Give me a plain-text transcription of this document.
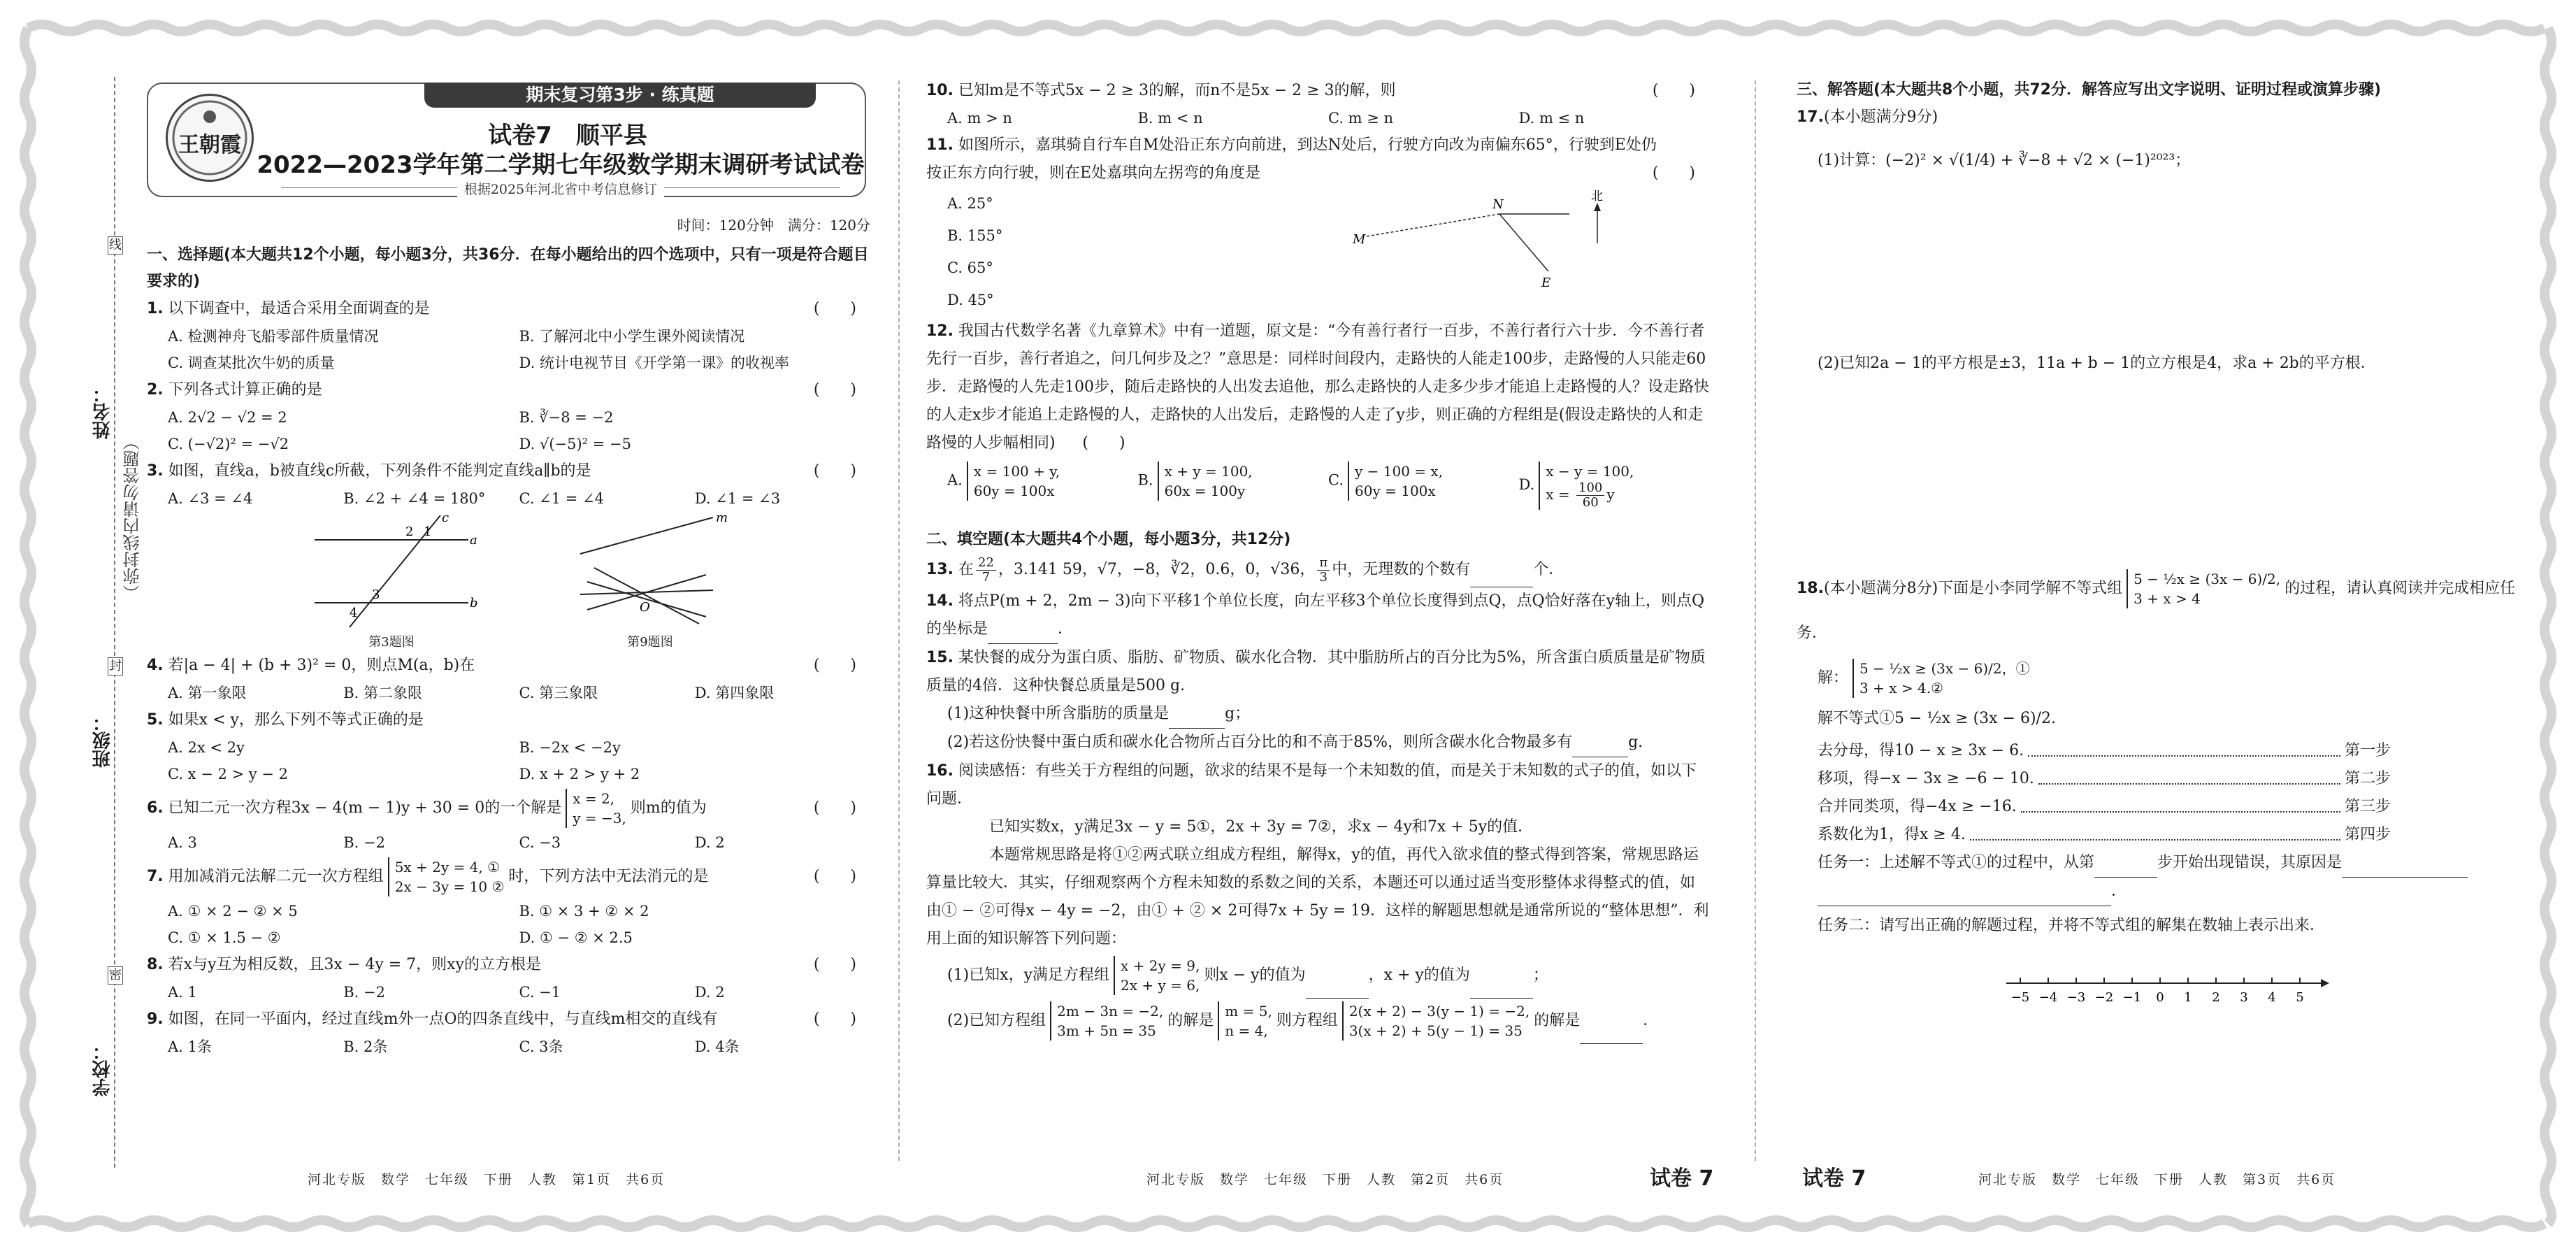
线
封
密
（弥封线内请勿答题）
姓名：
班级：
学校：
期末复习第3步 · 练真题
王朝霞	试卷7　顺平县
2022—2023学年第二学期七年级数学期末调研考试试卷
根据2025年河北省中考信息修订
时间：120分钟　满分：120分
一、选择题(本大题共12个小题，每小题3分，共36分．在每小题给出的四个选项中，只有一项是符合题目要求的)
1. 以下调查中，最适合采用全面调查的是	(　　)
A. 检测神舟飞船零部件质量情况	B. 了解河北中小学生课外阅读情况
C. 调查某批次牛奶的质量	D. 统计电视节目《开学第一课》的收视率
2. 下列各式计算正确的是	(　　)
A. 2√2 − √2 = 2	B. ∛−8 = −2
C. (−√2)² = −√2	D. √(−5)² = −5
3. 如图，直线a，b被直线c所截，下列条件不能判定直线a∥b的是	(　　)
A. ∠3 = ∠4	B. ∠2 + ∠4 = 180°	C. ∠1 = ∠4	D. ∠1 = ∠3
c
a
b
1
2
3
4
第3题图
m
O
第9题图
4. 若|a − 4| + (b + 3)² = 0，则点M(a，b)在	(　　)
A. 第一象限	B. 第二象限	C. 第三象限	D. 第四象限
5. 如果x < y，那么下列不等式正确的是
A. 2x < 2y	B. −2x < −2y
C. x − 2 > y − 2	D. x + 2 > y + 2
6. 已知二元一次方程3x − 4(m − 1)y + 30 = 0的一个解是x = 2,
y = −3,则m的值为	(　　)
A. 3	B. −2	C. −3	D. 2
7. 用加减消元法解二元一次方程组5x + 2y = 4, ①
2x − 3y = 10 ②时，下列方法中无法消元的是	(　　)
A. ① × 2 − ② × 5	B. ① × 3 + ② × 2
C. ① × 1.5 − ②	D. ① − ② × 2.5
8. 若x与y互为相反数，且3x − 4y = 7，则xy的立方根是	(　　)
A. 1	B. −2	C. −1	D. 2
9. 如图，在同一平面内，经过直线m外一点O的四条直线中，与直线m相交的直线有	(　　)
A. 1条	B. 2条	C. 3条	D. 4条
河北专版　数学　七年级　下册　人教　第1页　共6页
10. 已知m是不等式5x − 2 ≥ 3的解，而n不是5x − 2 ≥ 3的解，则	(　　)
A. m > n	B. m < n	C. m ≥ n	D. m ≤ n
11. 如图所示，嘉琪骑自行车自M处沿正东方向前进，到达N处后，行驶方向改为南偏东65°，行驶到E处仍按正东方向行驶，则在E处嘉琪向左拐弯的角度是	(　　)
A. 25°
B. 155°
C. 65°
D. 45°
M
N
E
北
12. 我国古代数学名著《九章算术》中有一道题，原文是：“今有善行者行一百步，不善行者行六十步．今不善行者先行一百步，善行者追之，问几何步及之？”意思是：同样时间段内，走路快的人能走100步，走路慢的人只能走60步．走路慢的人先走100步，随后走路快的人出发去追他，那么走路快的人走多少步才能追上走路慢的人？设走路快的人走x步才能追上走路慢的人，走路快的人出发后，走路慢的人走了y步，则正确的方程组是(假设走路快的人和走路慢的人步幅相同) (　　)
A.x = 100 + y,
60y = 100x
B.x + y = 100,
60x = 100y
C.y − 100 = x,
60y = 100x	D.x − y = 100,
$x = \frac{100}{60}$ y
二、填空题(本大题共4个小题，每小题3分，共12分)
13. 在 $\frac{22}{7}$ ，3.141 59，√7，−8，∛2，0.6，0，√36， $\frac{\pi}{3}$ 中，无理数的个数有	个．
14. 将点P(m + 2，2m − 3)向下平移1个单位长度，向左平移3个单位长度得到点Q，点Q恰好落在y轴上，则点Q的坐标是	．
15. 某快餐的成分为蛋白质、脂肪、矿物质、碳水化合物．其中脂肪所占的百分比为5%，所含蛋白质质量是矿物质质量的4倍．这种快餐总质量是500 g.
(1)这种快餐中所含脂肪的质量是	g；
(2)若这份快餐中蛋白质和碳水化合物所占百分比的和不高于85%，则所含碳水化合物最多有	g.
16. 阅读感悟：有些关于方程组的问题，欲求的结果不是每一个未知数的值，而是关于未知数的式子的值，如以下问题．
已知实数x，y满足3x − y = 5①，2x + 3y = 7②，求x − 4y和7x + 5y的值．
本题常规思路是将①②两式联立组成方程组，解得x，y的值，再代入欲求值的整式得到答案，常规思路运算量比较大．其实，仔细观察两个方程未知数的系数之间的关系，本题还可以通过适当变形整体求得整式的值，如由① − ②可得x − 4y = −2，由① + ② × 2可得7x + 5y = 19．这样的解题思想就是通常所说的“整体思想”．利用上面的知识解答下列问题：
(1)已知x，y满足方程组x + 2y = 9,
2x + y = 6,则x − y的值为	，x + y的值为	；
(2)已知方程组2m − 3n = −2,
3m + 5n = 35的解是m = 5,
n = 4,则方程组2(x + 2) − 3(y − 1) = −2,
3(x + 2) + 5(y − 1) = 35的解是	．
河北专版　数学　七年级　下册　人教　第2页　共6页	试卷 7
三、解答题(本大题共8个小题，共72分．解答应写出文字说明、证明过程或演算步骤)
17.(本小题满分9分)
(1)计算：(−2)² × √(1/4) + ∛−8 + √2 × (−1)²⁰²³；
(2)已知2a − 1的平方根是±3，11a + b − 1的立方根是4，求a + 2b的平方根．
18.(本小题满分8分)下面是小李同学解不等式组5 − ½x ≥ (3x − 6)/2,
3 + x > 4的过程，请认真阅读并完成相应任务．
解：5 − ½x ≥ (3x − 6)/2，①
3 + x > 4.②
解不等式①5 − ½x ≥ (3x − 6)/2.
去分母，得10 − x ≥ 3x − 6.	第一步
移项，得−x − 3x ≥ −6 − 10.	第二步
合并同类项，得−4x ≥ −16.	第三步
系数化为1，得x ≥ 4.	第四步
任务一：上述解不等式①的过程中，从第	步开始出现错误，其原因是
．
任务二：请写出正确的解题过程，并将不等式组的解集在数轴上表示出来．
−5 −4 −3 −2 −1 0 1 2 3 4 5
试卷 7	河北专版　数学　七年级　下册　人教　第3页　共6页
